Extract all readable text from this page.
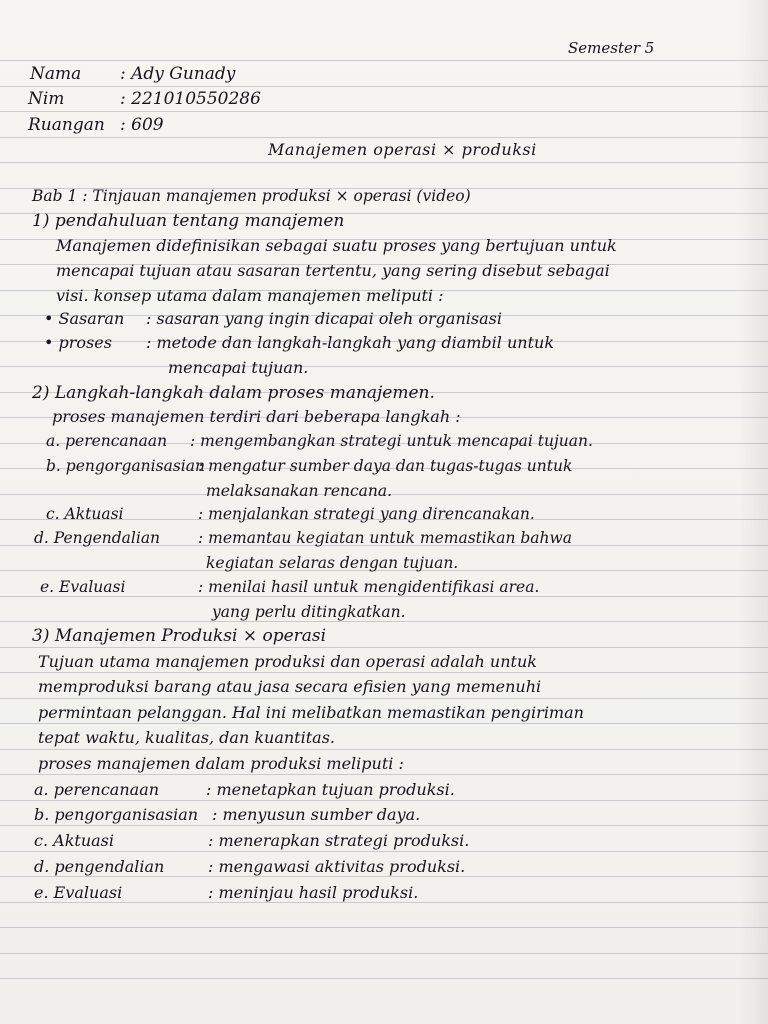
Semester 5
Nama : Ady Gunady
Nim	: 221010550286
Ruangan : 609
Manajemen operasi × produksi
Bab 1 : Tinjauan manajemen produksi × operasi (video)
1) pendahuluan tentang manajemen
Manajemen didefinisikan sebagai suatu proses yang bertujuan untuk
mencapai tujuan atau sasaran tertentu, yang sering disebut sebagai
visi. konsep utama dalam manajemen meliputi :
• Sasaran : sasaran yang ingin dicapai oleh organisasi
• proses : metode dan langkah-langkah yang diambil untuk
mencapai tujuan.
2) Langkah-langkah dalam proses manajemen.
proses manajemen terdiri dari beberapa langkah :
a. perencanaan : mengembangkan strategi untuk mencapai tujuan.
b. pengorganisasian
: mengatur sumber daya dan tugas-tugas untuk
melaksanakan rencana.
c. Aktuasi	: menjalankan strategi yang direncanakan.
d. Pengendalian : memantau kegiatan untuk memastikan bahwa
kegiatan selaras dengan tujuan.
e. Evaluasi	: menilai hasil untuk mengidentifikasi area.
yang perlu ditingkatkan.
3) Manajemen Produksi × operasi
Tujuan utama manajemen produksi dan operasi adalah untuk
memproduksi barang atau jasa secara efisien yang memenuhi
permintaan pelanggan. Hal ini melibatkan memastikan pengiriman
tepat waktu, kualitas, dan kuantitas.
proses manajemen dalam produksi meliputi :
a. perencanaan	: menetapkan tujuan produksi.
b. pengorganisasian : menyusun sumber daya.
c. Aktuasi	: menerapkan strategi produksi.
d. pengendalian	: mengawasi aktivitas produksi.
e. Evaluasi	: meninjau hasil produksi.
